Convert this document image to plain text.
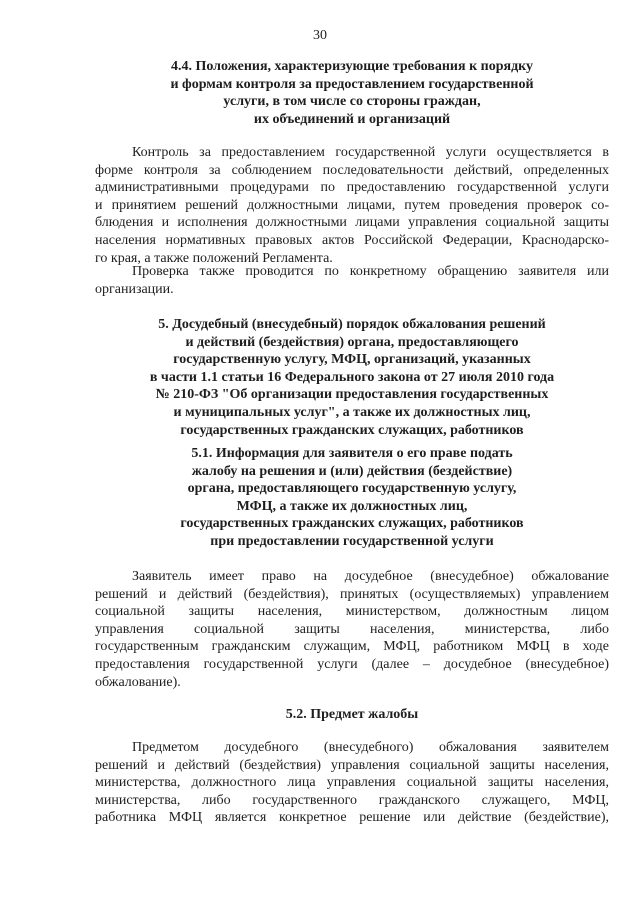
30
4.4. Положения, характеризующие требования к порядку
и формам контроля за предоставлением государственной
услуги, в том числе со стороны граждан,
их объединений и организаций
Контроль за предоставлением государственной услуги осуществляется в
форме контроля за соблюдением последовательности действий, определенных
административными процедурами по предоставлению государственной услуги
и принятием решений должностными лицами, путем проведения проверок со-
блюдения и исполнения должностными лицами управления социальной защиты
населения нормативных правовых актов Российской Федерации, Краснодарско-
го края, а также положений Регламента.
Проверка также проводится по конкретному обращению заявителя или
организации.
5. Досудебный (внесудебный) порядок обжалования решений
и действий (бездействия) органа, предоставляющего
государственную услугу, МФЦ, организаций, указанных
в части 1.1 статьи 16 Федерального закона от 27 июля 2010 года
№ 210-ФЗ "Об организации предоставления государственных
и муниципальных услуг", а также их должностных лиц,
государственных гражданских служащих, работников
5.1. Информация для заявителя о его праве подать
жалобу на решения и (или) действия (бездействие)
органа, предоставляющего государственную услугу,
МФЦ, а также их должностных лиц,
государственных гражданских служащих, работников
при предоставлении государственной услуги
Заявитель имеет право на досудебное (внесудебное) обжалование
решений и действий (бездействия), принятых (осуществляемых) управлением
социальной защиты населения, министерством, должностным лицом
управления социальной защиты населения, министерства, либо
государственным гражданским служащим, МФЦ, работником МФЦ в ходе
предоставления государственной услуги (далее – досудебное (внесудебное)
обжалование).
5.2. Предмет жалобы
Предметом досудебного (внесудебного) обжалования заявителем
решений и действий (бездействия) управления социальной защиты населения,
министерства, должностного лица управления социальной защиты населения,
министерства, либо государственного гражданского служащего, МФЦ,
работника МФЦ является конкретное решение или действие (бездействие),
